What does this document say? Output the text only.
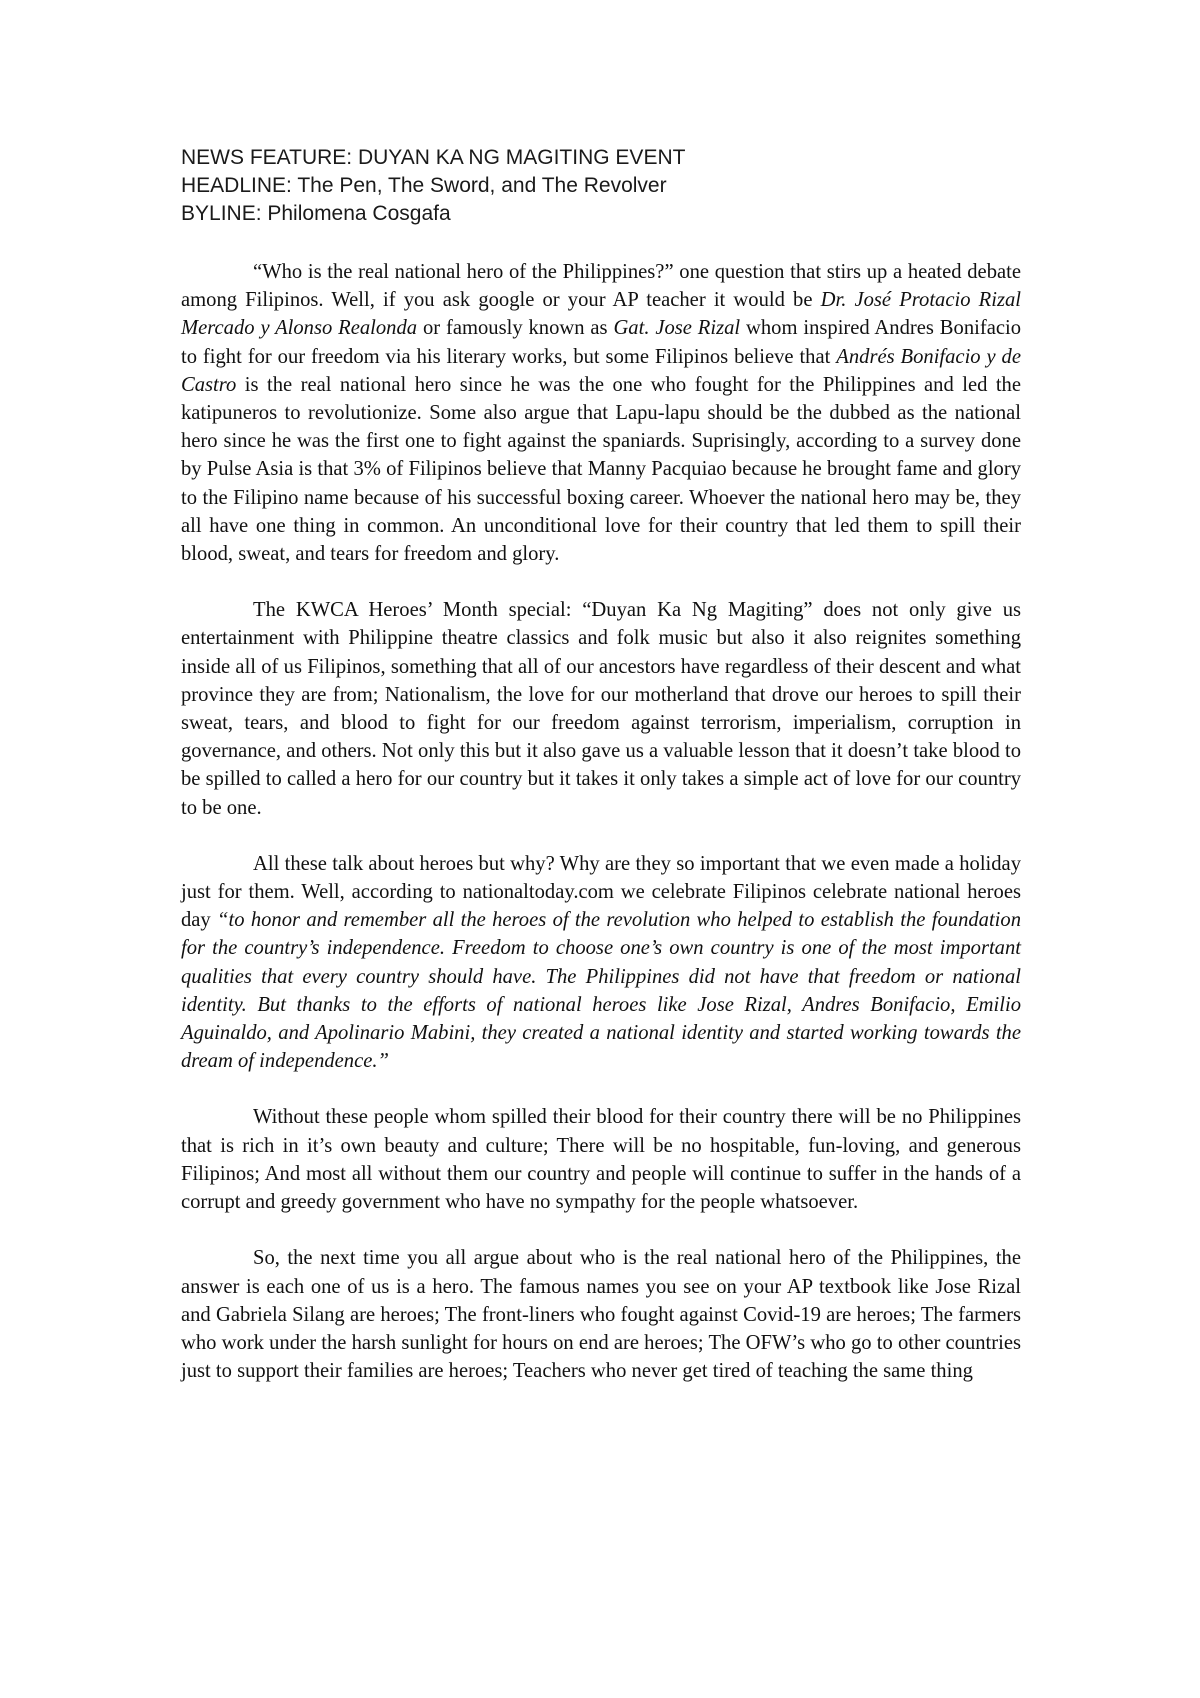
NEWS FEATURE: DUYAN KA NG MAGITING EVENT
HEADLINE: The Pen, The Sword, and The Revolver
BYLINE: Philomena Cosgafa

“Who is the real national hero of the Philippines?” one question that stirs up a heated debate among Filipinos. Well, if you ask google or your AP teacher it would be Dr. José Protacio Rizal Mercado y Alonso Realonda or famously known as Gat. Jose Rizal whom inspired Andres Bonifacio to fight for our freedom via his literary works, but some Filipinos believe that Andrés Bonifacio y de Castro is the real national hero since he was the one who fought for the Philippines and led the katipuneros to revolutionize. Some also argue that Lapu-lapu should be the dubbed as the national hero since he was the first one to fight against the spaniards. Suprisingly, according to a survey done by Pulse Asia is that 3% of Filipinos believe that Manny Pacquiao because he brought fame and glory to the Filipino name because of his successful boxing career. Whoever the national hero may be, they all have one thing in common. An unconditional love for their country that led them to spill their blood, sweat, and tears for freedom and glory.

The KWCA Heroes’ Month special: “Duyan Ka Ng Magiting” does not only give us entertainment with Philippine theatre classics and folk music but also it also reignites something inside all of us Filipinos, something that all of our ancestors have regardless of their descent and what province they are from; Nationalism, the love for our motherland that drove our heroes to spill their sweat, tears, and blood to fight for our freedom against terrorism, imperialism, corruption in governance, and others. Not only this but it also gave us a valuable lesson that it doesn’t take blood to be spilled to called a hero for our country but it takes it only takes a simple act of love for our country to be one.

All these talk about heroes but why? Why are they so important that we even made a holiday just for them. Well, according to nationaltoday.com we celebrate Filipinos celebrate national heroes day “to honor and remember all the heroes of the revolution who helped to establish the foundation for the country’s independence. Freedom to choose one’s own country is one of the most important qualities that every country should have. The Philippines did not have that freedom or national identity. But thanks to the efforts of national heroes like Jose Rizal, Andres Bonifacio, Emilio Aguinaldo, and Apolinario Mabini, they created a national identity and started working towards the dream of independence.”

Without these people whom spilled their blood for their country there will be no Philippines that is rich in it’s own beauty and culture; There will be no hospitable, fun-loving, and generous Filipinos; And most all without them our country and people will continue to suffer in the hands of a corrupt and greedy government who have no sympathy for the people whatsoever.

So, the next time you all argue about who is the real national hero of the Philippines, the answer is each one of us is a hero. The famous names you see on your AP textbook like Jose Rizal and Gabriela Silang are heroes; The front-liners who fought against Covid-19 are heroes; The farmers who work under the harsh sunlight for hours on end are heroes; The OFW’s who go to other countries just to support their families are heroes; Teachers who never get tired of teaching the same thing
